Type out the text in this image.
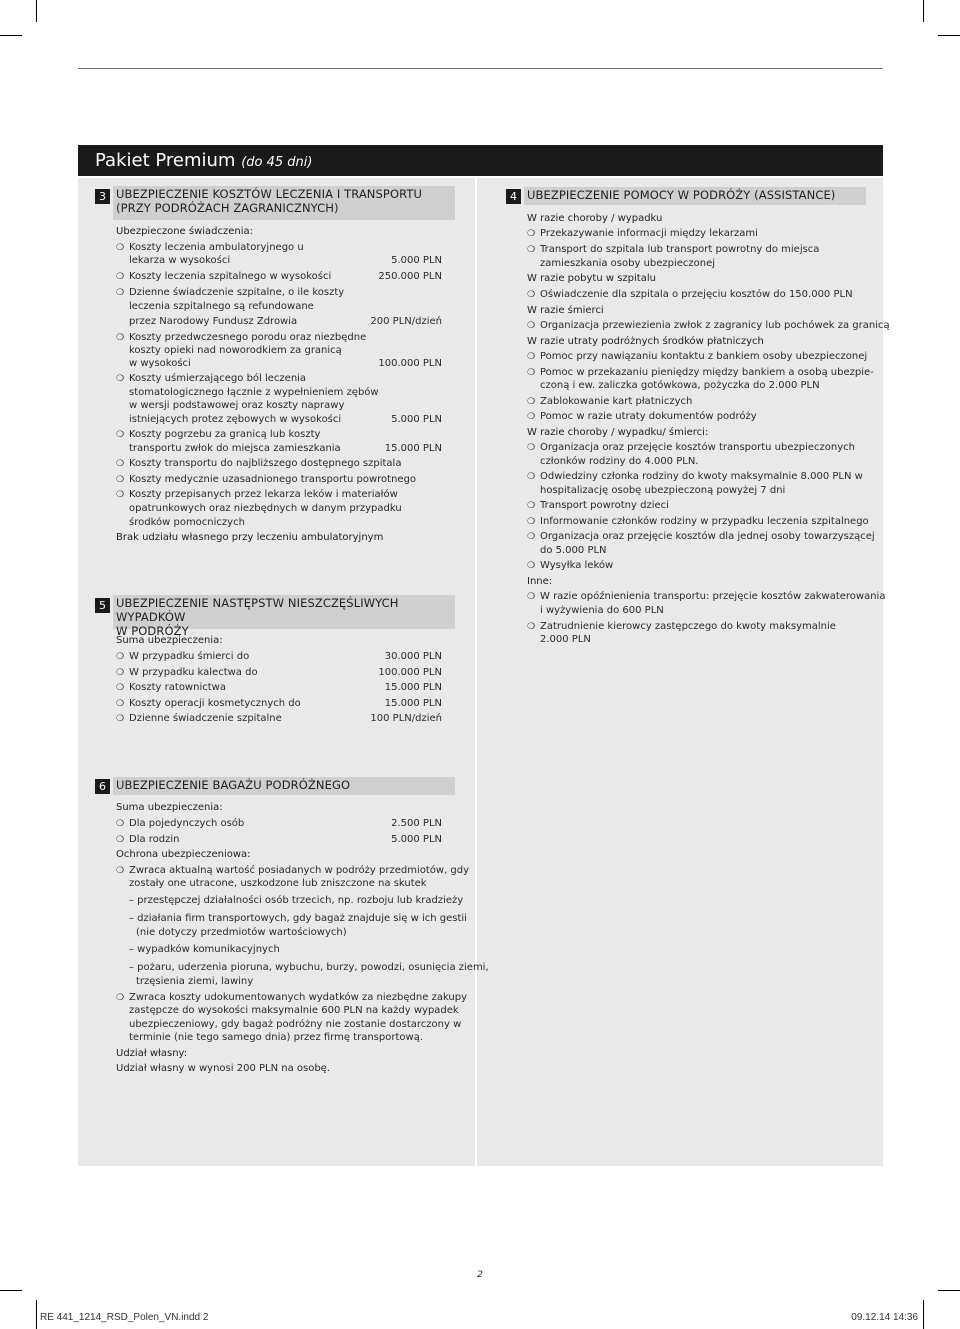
Pakiet Premium (do 45 dni)
3 UBEZPIECZENIE KOSZTÓW LECZENIA I TRANSPORTU
(PRZY PODRÓŻACH ZAGRANICZNYCH)
Ubezpieczone świadczenia:
❍
Koszty leczenia ambulatoryjnego u
lekarza w wysokości	5.000 PLN
❍
Koszty leczenia szpitalnego w wysokości	250.000 PLN
❍
Dzienne świadczenie szpitalne, o ile koszty
leczenia szpitalnego są refundowane
przez Narodowy Fundusz Zdrowia	200 PLN/dzień
❍
Koszty przedwczesnego porodu oraz niezbędne
koszty opieki nad noworodkiem za granicą
w wysokości	100.000 PLN
❍
Koszty uśmierzającego ból leczenia
stomatologicznego łącznie z wypełnieniem zębów
w wersji podstawowej oraz koszty naprawy
istniejących protez zębowych w wysokości	5.000 PLN
❍
Koszty pogrzebu za granicą lub koszty
transportu zwłok do miejsca zamieszkania	15.000 PLN
❍
Koszty transportu do najbliższego dostępnego szpitala
❍
Koszty medycznie uzasadnionego transportu powrotnego
❍
Koszty przepisanych przez lekarza leków i materiałów
opatrunkowych oraz niezbędnych w danym przypadku
środków pomocniczych
Brak udziału własnego przy leczeniu ambulatoryjnym
5 UBEZPIECZENIE NASTĘPSTW NIESZCZĘŚLIWYCH WYPADKÓW
W PODRÓŻY
Suma ubezpieczenia:
❍
W przypadku śmierci do	30.000 PLN
❍
W przypadku kalectwa do	100.000 PLN
❍
Koszty ratownictwa	15.000 PLN
❍
Koszty operacji kosmetycznych do	15.000 PLN
❍
Dzienne świadczenie szpitalne	100 PLN/dzień
6 UBEZPIECZENIE BAGAŻU PODRÓŻNEGO
Suma ubezpieczenia:
❍
Dla pojedynczych osób	2.500 PLN
❍
Dla rodzin	5.000 PLN
Ochrona ubezpieczeniowa:
❍
Zwraca aktualną wartość posiadanych w podróży przedmiotów, gdy
zostały one utracone, uszkodzone lub zniszczone na skutek
– przestępczej działalności osób trzecich, np. rozboju lub kradzieży
– działania firm transportowych, gdy bagaż znajduje się w ich gestii
(nie dotyczy przedmiotów wartościowych)
– wypadków komunikacyjnych
– pożaru, uderzenia pioruna, wybuchu, burzy, powodzi, osunięcia ziemi,
trzęsienia ziemi, lawiny
❍
Zwraca koszty udokumentowanych wydatków za niezbędne zakupy
zastępcze do wysokości maksymalnie 600 PLN na każdy wypadek
ubezpieczeniowy, gdy bagaż podróżny nie zostanie dostarczony w
terminie (nie tego samego dnia) przez firmę transportową.
Udział własny:
Udział własny w wynosi 200 PLN na osobę.
4 UBEZPIECZENIE POMOCY W PODRÓŻY (ASSISTANCE)
W razie choroby / wypadku
❍
Przekazywanie informacji między lekarzami
❍
Transport do szpitala lub transport powrotny do miejsca
zamieszkania osoby ubezpieczonej
W razie pobytu w szpitalu
❍
Oświadczenie dla szpitala o przejęciu kosztów do 150.000 PLN
W razie śmierci
❍
Organizacja przewiezienia zwłok z zagranicy lub pochówek za granicą
W razie utraty podróżnych środków płatniczych
❍
Pomoc przy nawiązaniu kontaktu z bankiem osoby ubezpieczonej
❍
Pomoc w przekazaniu pieniędzy między bankiem a osobą ubezpie-
czoną i ew. zaliczka gotówkowa, pożyczka do 2.000 PLN
❍
Zablokowanie kart płatniczych
❍
Pomoc w razie utraty dokumentów podróży
W razie choroby / wypadku/ śmierci:
❍
Organizacja oraz przejęcie kosztów transportu ubezpieczonych
członków rodziny do 4.000 PLN.
❍
Odwiedziny członka rodziny do kwoty maksymalnie 8.000 PLN w
hospitalizację osobę ubezpieczoną powyżej 7 dni
❍
Transport powrotny dzieci
❍
Informowanie członków rodziny w przypadku leczenia szpitalnego
❍
Organizacja oraz przejęcie kosztów dla jednej osoby towarzyszącej
do 5.000 PLN
❍
Wysyłka leków
Inne:
❍
W razie opóźnienienia transportu: przejęcie kosztów zakwaterowania
i wyżywienia do 600 PLN
❍
Zatrudnienie kierowcy zastępczego do kwoty maksymalnie
2.000 PLN
2
RE 441_1214_RSD_Polen_VN.indd 2	09.12.14 14:36
